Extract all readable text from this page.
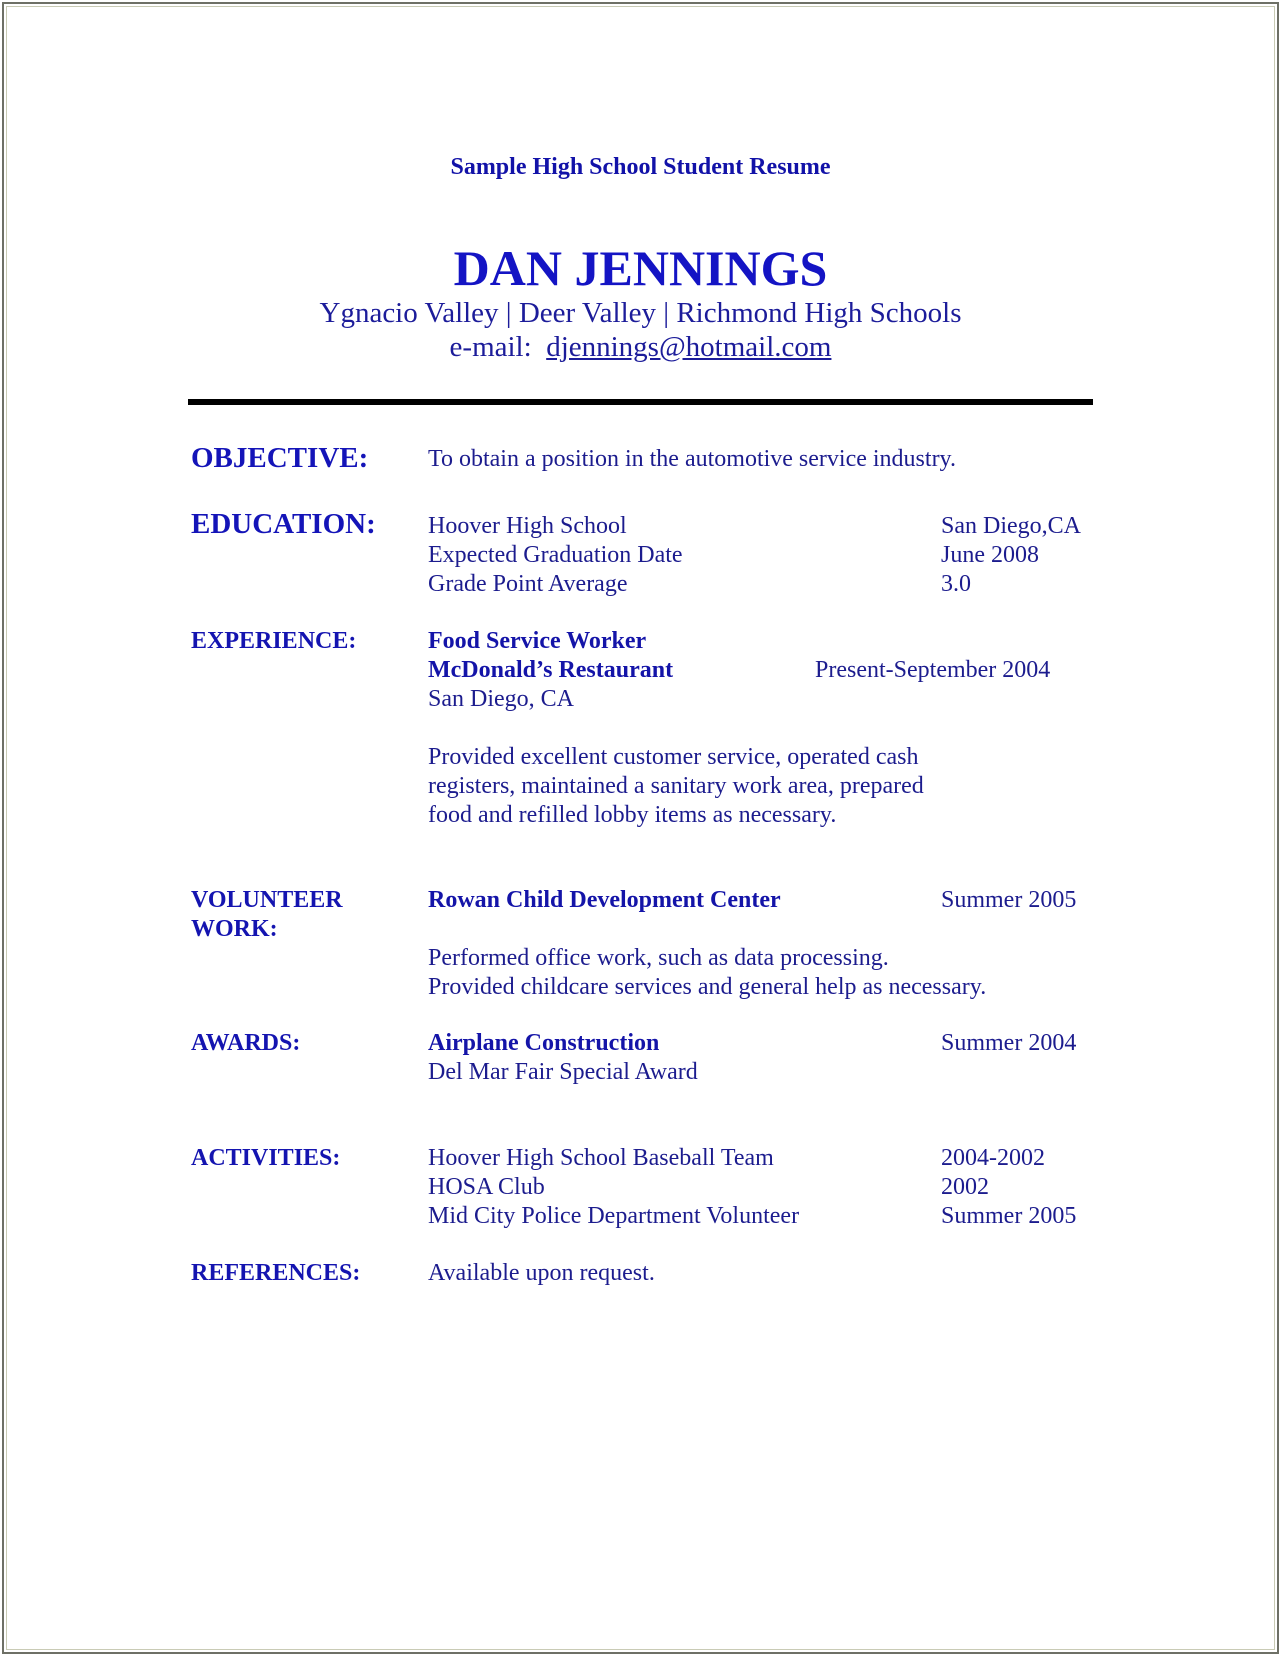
Sample High School Student Resume
DAN JENNINGS
Ygnacio Valley | Deer Valley | Richmond High Schools
e-mail: djennings@hotmail.com
OBJECTIVE: To obtain a position in the automotive service industry.
EDUCATION: Hoover High School	San Diego,CA
Expected Graduation Date	June 2008
Grade Point Average	3.0
EXPERIENCE:	Food Service Worker
McDonald’s Restaurant	Present-September 2004
San Diego, CA
Provided excellent customer service, operated cash
registers, maintained a sanitary work area, prepared
food and refilled lobby items as necessary.
VOLUNTEER
WORK:
Rowan Child Development Center	Summer 2005
Performed office work, such as data processing.
Provided childcare services and general help as necessary.
AWARDS:	Airplane Construction	Summer 2004
Del Mar Fair Special Award
ACTIVITIES:	Hoover High School Baseball Team	2004-2002
HOSA Club	2002
Mid City Police Department Volunteer	Summer 2005
REFERENCES:	Available upon request.
